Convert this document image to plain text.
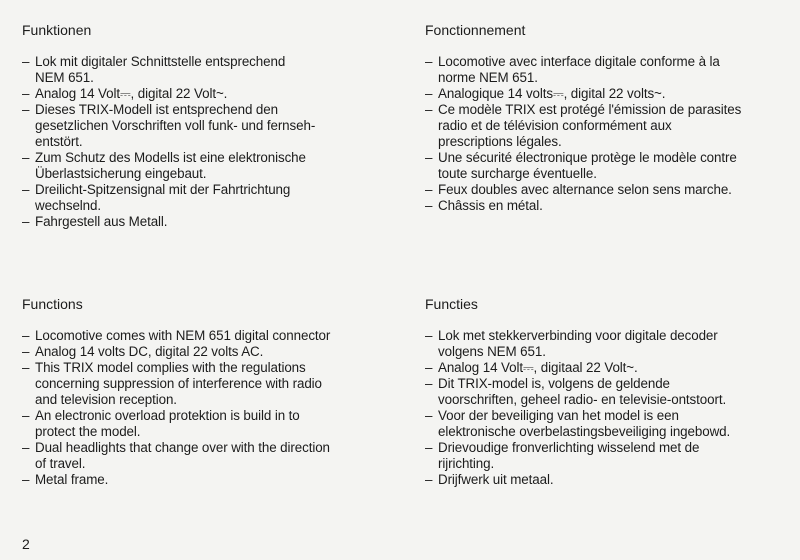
Funktionen
– Lok mit digitaler Schnittstelle entsprechend
NEM 651.
– Analog 14 Volt⎓, digital 22 Volt~.
– Dieses TRIX-Modell ist entsprechend den
gesetzlichen Vorschriften voll funk- und fernseh-
entstört.
– Zum Schutz des Modells ist eine elektronische
Überlastsicherung eingebaut.
– Dreilicht-Spitzensignal mit der Fahrtrichtung
wechselnd.
– Fahrgestell aus Metall.
Fonctionnement
– Locomotive avec interface digitale conforme à la
norme NEM 651.
– Analogique 14 volts⎓, digital 22 volts~.
– Ce modèle TRIX est protégé l'émission de parasites
radio et de télévision conformément aux
prescriptions légales.
– Une sécurité électronique protège le modèle contre
toute surcharge éventuelle.
– Feux doubles avec alternance selon sens marche.
– Châssis en métal.
Functions
– Locomotive comes with NEM 651 digital connector
– Analog 14 volts DC, digital 22 volts AC.
– This TRIX model complies with the regulations
concerning suppression of interference with radio
and television reception.
– An electronic overload protektion is build in to
protect the model.
– Dual headlights that change over with the direction
of travel.
– Metal frame.
Functies
– Lok met stekkerverbinding voor digitale decoder
volgens NEM 651.
– Analog 14 Volt⎓, digitaal 22 Volt~.
– Dit TRIX-model is, volgens de geldende
voorschriften, geheel radio- en televisie-ontstoort.
– Voor der beveiliging van het model is een
elektronische overbelastingsbeveiliging ingebowd.
– Drievoudige fronverlichting wisselend met de
rijrichting.
– Drijfwerk uit metaal.
2
